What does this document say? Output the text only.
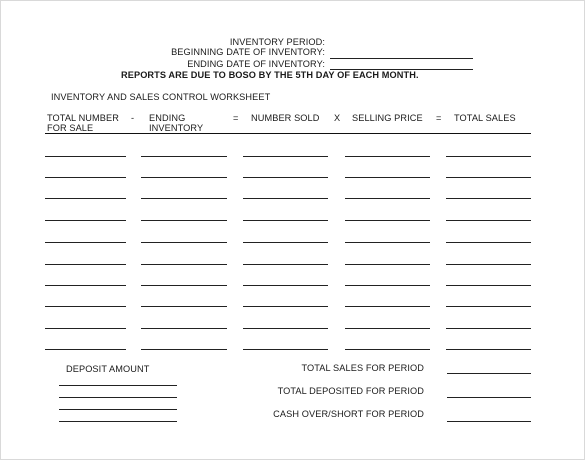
INVENTORY PERIOD:
BEGINNING DATE OF INVENTORY:
ENDING DATE OF INVENTORY:
REPORTS ARE DUE TO BOSO BY THE 5TH DAY OF EACH MONTH.
INVENTORY AND SALES CONTROL WORKSHEET
TOTAL NUMBER
FOR SALE
- ENDING
INVENTORY
= NUMBER SOLD X SELLING PRICE = TOTAL SALES
DEPOSIT AMOUNT	TOTAL SALES FOR PERIOD
TOTAL DEPOSITED FOR PERIOD
CASH OVER/SHORT FOR PERIOD
